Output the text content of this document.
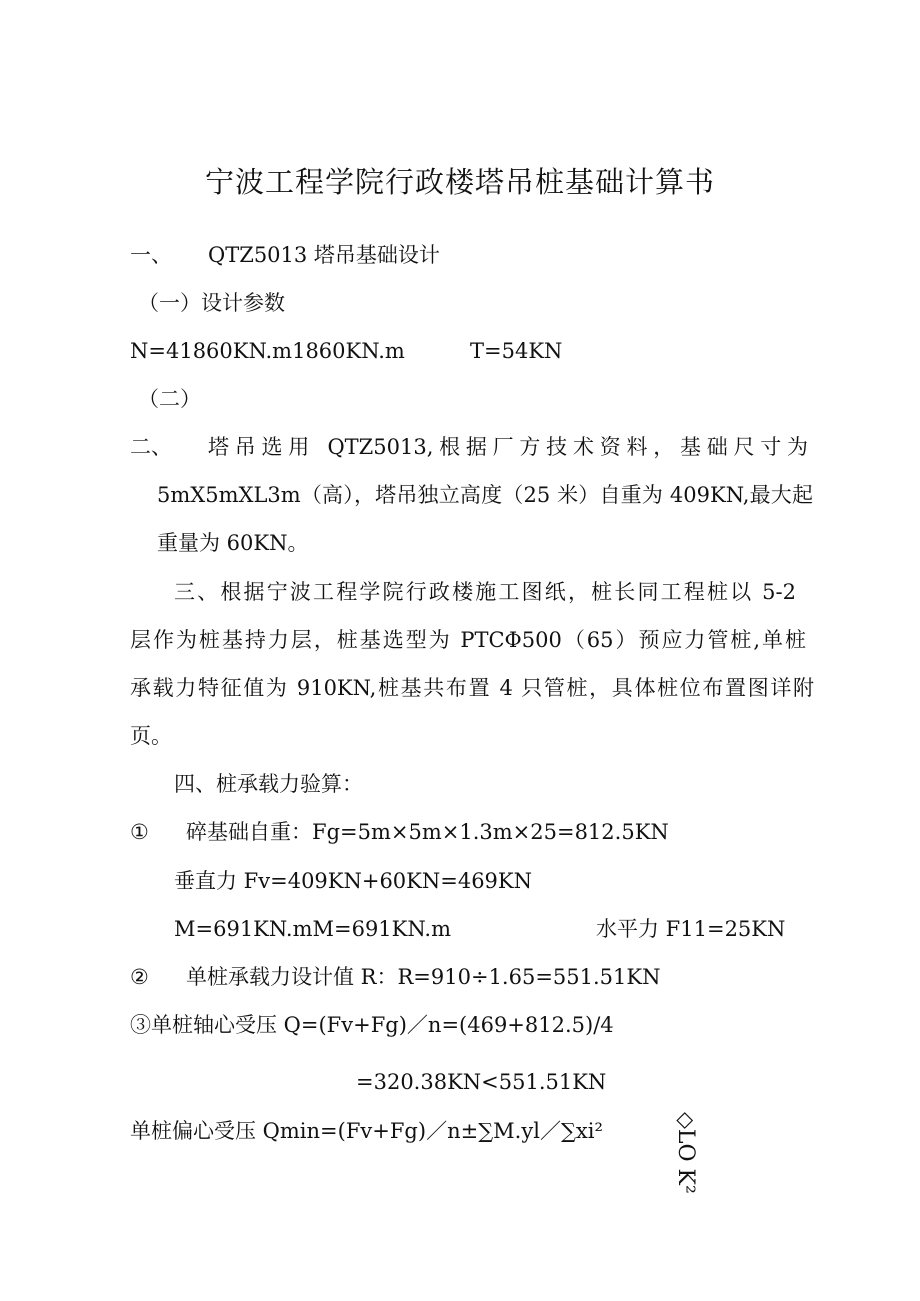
宁波工程学院行政楼塔吊桩基础计算书
一、 QTZ5013 塔吊基础设计
（一）设计参数
N=41860KN.m1860KN.m	T=54KN
（二）
二、 塔吊选用 QTZ5013,根据厂方技术资料，基础尺寸为
5mX5mXL3m（高），塔吊独立高度（25 米）自重为 409KN,最大起
重量为 60KN。
三、根据宁波工程学院行政楼施工图纸，桩长同工程桩以 5-2
层作为桩基持力层，桩基选型为 PTCΦ500（65）预应力管桩,单桩
承载力特征值为 910KN,桩基共布置 4 只管桩，具体桩位布置图详附
页。
四、桩承载力验算：
① 碎基础自重：Fg=5m×5m×1.3m×25=812.5KN
垂直力 Fv=409KN+60KN=469KN
M=691KN.mM=691KN.m	水平力 F11=25KN
② 单桩承载力设计值 R：R=910÷1.65=551.51KN
③单桩轴心受压 Q=(Fv+Fg)／n=(469+812.5)/4
=320.38KN<551.51KN
单桩偏心受压 Qmin=(Fv+Fg)／n±∑M.yl／∑xi²	◇LO K²
